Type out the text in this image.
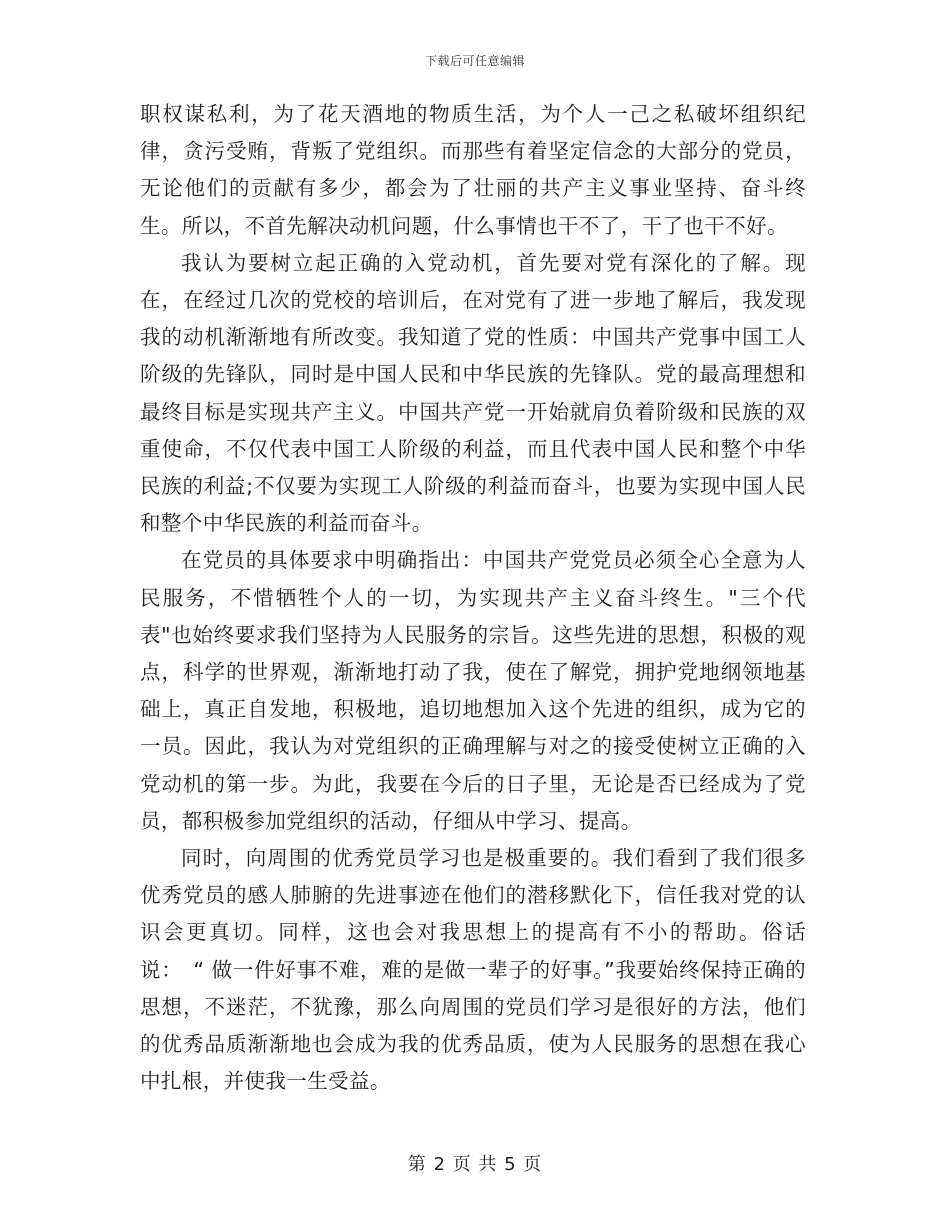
下载后可任意编辑

职权谋私利，为了花天酒地的物质生活，为个人一己之私破坏组织纪律，贪污受贿，背叛了党组织。而那些有着坚定信念的大部分的党员，无论他们的贡献有多少，都会为了壮丽的共产主义事业坚持、奋斗终生。所以，不首先解决动机问题，什么事情也干不了，干了也干不好。

我认为要树立起正确的入党动机，首先要对党有深化的了解。现在，在经过几次的党校的培训后，在对党有了进一步地了解后，我发现我的动机渐渐地有所改变。我知道了党的性质：中国共产党事中国工人阶级的先锋队，同时是中国人民和中华民族的先锋队。党的最高理想和最终目标是实现共产主义。中国共产党一开始就肩负着阶级和民族的双重使命，不仅代表中国工人阶级的利益，而且代表中国人民和整个中华民族的利益;不仅要为实现工人阶级的利益而奋斗，也要为实现中国人民和整个中华民族的利益而奋斗。

在党员的具体要求中明确指出：中国共产党党员必须全心全意为人民服务，不惜牺牲个人的一切，为实现共产主义奋斗终生。"三个代表"也始终要求我们坚持为人民服务的宗旨。这些先进的思想，积极的观点，科学的世界观，渐渐地打动了我，使在了解党，拥护党地纲领地基础上，真正自发地，积极地，追切地想加入这个先进的组织，成为它的一员。因此，我认为对党组织的正确理解与对之的接受使树立正确的入党动机的第一步。为此，我要在今后的日子里，无论是否已经成为了党员，都积极参加党组织的活动，仔细从中学习、提高。

同时，向周围的优秀党员学习也是极重要的。我们看到了我们很多优秀党员的感人肺腑的先进事迹在他们的潜移默化下，信任我对党的认识会更真切。同样，这也会对我思想上的提高有不小的帮助。俗话说：　“ 做一件好事不难，难的是做一辈子的好事。”我要始终保持正确的思想，不迷茫，不犹豫，那么向周围的党员们学习是很好的方法，他们的优秀品质渐渐地也会成为我的优秀品质，使为人民服务的思想在我心中扎根，并使我一生受益。

第 2 页 共 5 页
